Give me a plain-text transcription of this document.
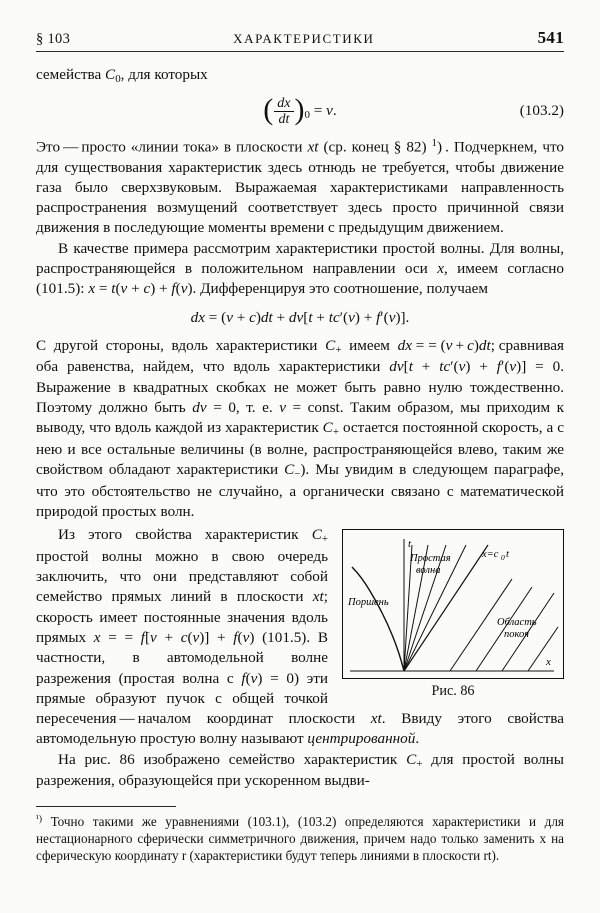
§ 103	ХАРАКТЕРИСТИКИ	541

семейства $C_0$, для которых

( $\frac{dx}{dt} )_0 = v$.	(103.2)

Это — просто «линии тока» в плоскости xt (ср. конец § 82) $^1$) . Подчеркнем, что для существования характеристик здесь отнюдь не требуется, чтобы движение газа было сверхзвуковым. Выражаемая характеристиками направленность распространения возмущений соответствует здесь просто причинной связи движения в последующие моменты времени с предыдущим движением.

В качестве примера рассмотрим характеристики простой волны. Для волны, распространяющейся в положительном направлении оси x, имеем согласно (101.5): x = t(v + c) + f(v). Дифференцируя это соотношение, получаем

dx = (v + c)dt + dv[t + tc′(v) + f′(v)].

С  другой  стороны,  вдоль  характеристики  $C_+$  имеем  dx = = (v + c)dt; сравнивая оба равенства, найдем, что вдоль характеристики dv[t + tc′(v) + f′(v)] = 0. Выражение в квадратных скобках не может быть равно нулю тождественно. Поэтому должно быть dv = 0, т. е. v = const. Таким образом, мы приходим к выводу, что вдоль каждой из характеристик $C_+$ остается постоянной скорость, а с нею и все остальные величины (в волне, распространяющейся влево, таким же свойством обладают характеристики $C_-$). Мы увидим в следующем параграфе, что это обстоятельство не случайно, а органически связано с математической природой простых волн.

t
x
Простая
волна
Поршень
x=c 0 t
Область
покоя
Рис. 86

Из этого свойства характеристик $C_+$ простой волны можно в свою очередь заключить, что они представляют собой семейство прямых линий в плоскости xt; скорость имеет постоянные значения вдоль прямых x = = f[v + c(v)] + f(v) (101.5). В частности, в автомодельной волне разрежения (простая волна с f(v) = 0) эти прямые образуют пучок с общей точкой пересечения — началом координат плоскости xt. Ввиду этого свойства автомодельную простую волну называют центрированной.

На рис. 86 изображено семейство характеристик $C_+$ для простой волны разрежения, образующейся при ускоренном выдви-

$^{^1)}$ Точно такими же уравнениями (103.1), (103.2) определяются характеристики и для нестационарного сферически симметричного движения, причем надо только заменить x на сферическую координату r (характеристики будут теперь линиями в плоскости rt).
